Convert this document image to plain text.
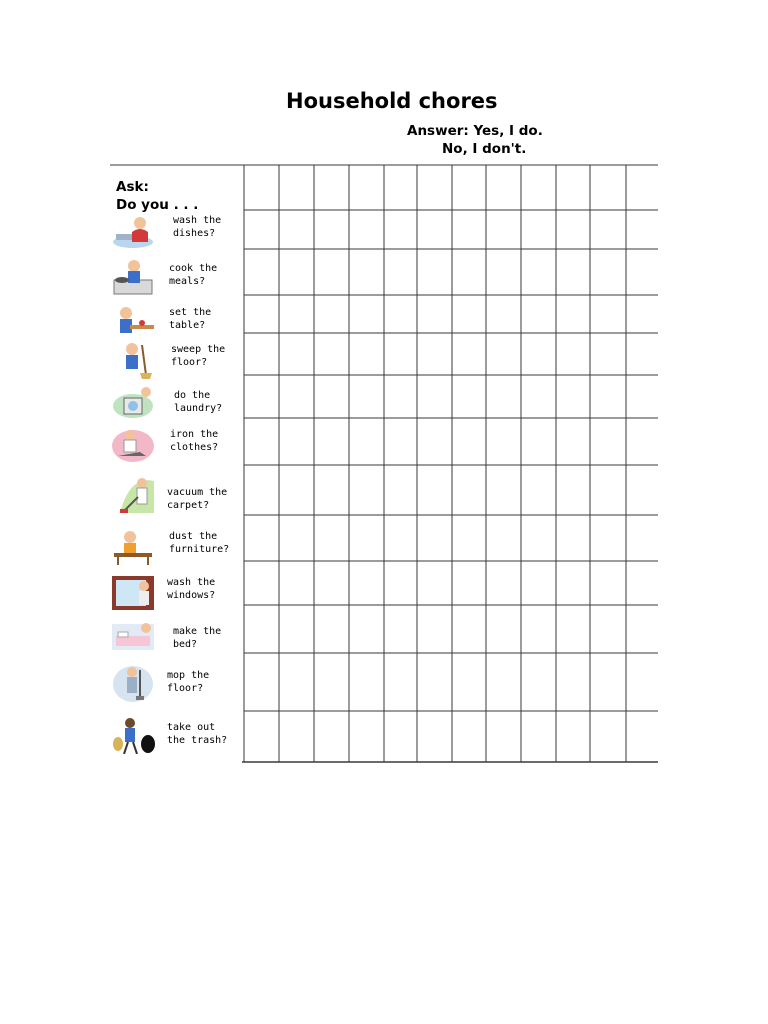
Household chores
Answer: Yes, I do.
No, I don't.
Ask:
Do you . . .
wash the dishes?
cook the meals?
set the table?
sweep the floor?
do the laundry?
iron the clothes?
vacuum the carpet?
dust the furniture?
wash the windows?
make the bed?
mop the floor?
take out the trash?
